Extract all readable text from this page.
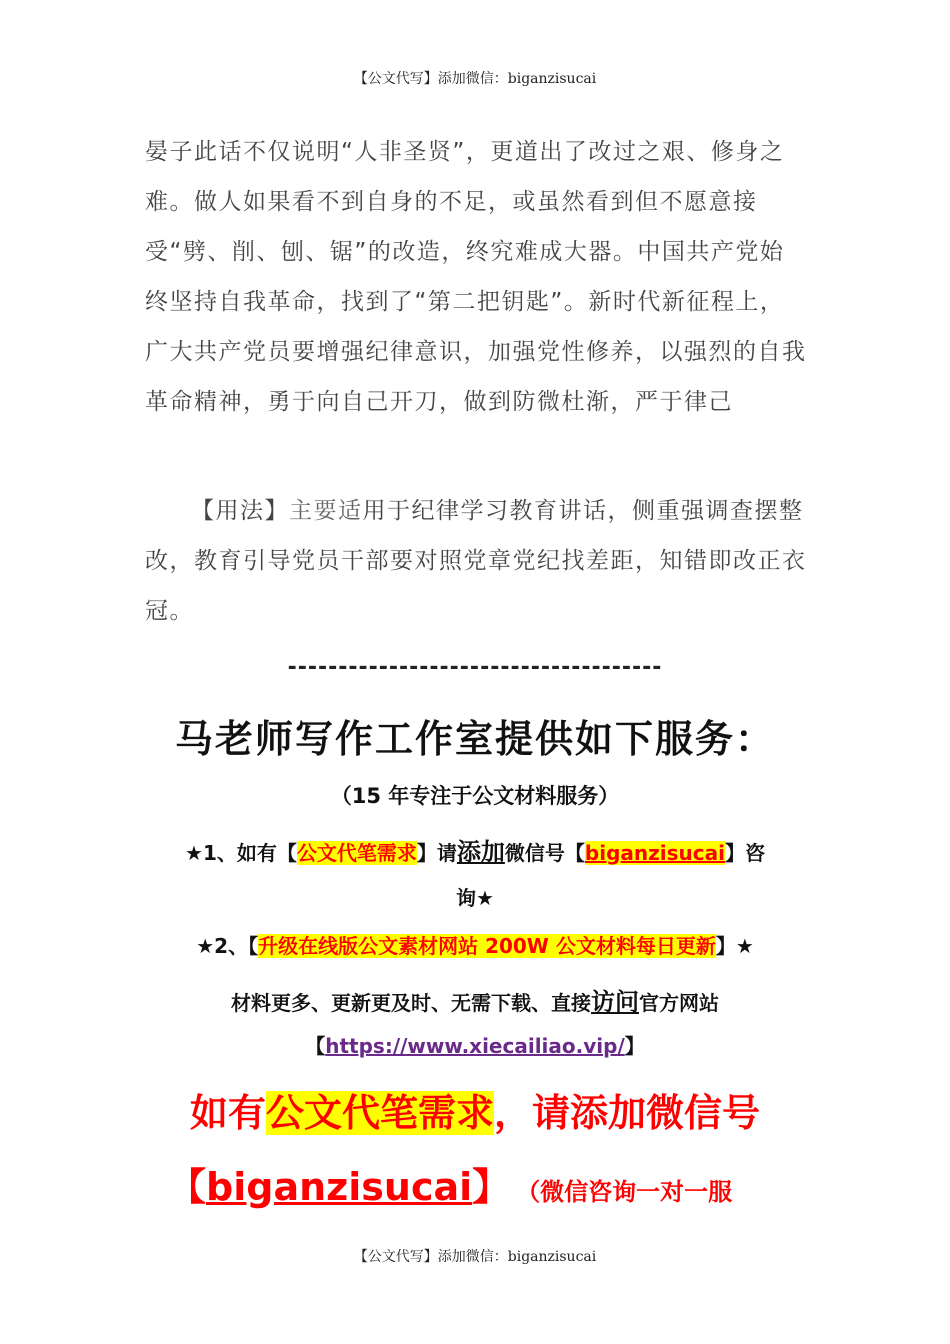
【公文代写】添加微信：biganzisucai
晏子此话不仅说明“人非圣贤”，更道出了改过之艰、修身之难。做人如果看不到自身的不足，或虽然看到但不愿意接受“劈、削、刨、锯”的改造，终究难成大器。中国共产党始终坚持自我革命，找到了“第二把钥匙”。新时代新征程上，广大共产党员要增强纪律意识，加强党性修养，以强烈的自我革命精神，勇于向自己开刀，做到防微杜渐，严于律己
【用法】主要适用于纪律学习教育讲话，侧重强调查摆整改，教育引导党员干部要对照党章党纪找差距，知错即改正衣冠。
-------------------------------------
马老师写作工作室提供如下服务：
（15 年专注于公文材料服务）
★1、如有【公文代笔需求】请添加微信号【biganzisucai】咨
询★
★2、【升级在线版公文素材网站 200W 公文材料每日更新】★
材料更多、更新更及时、无需下载、直接访问官方网站
【https://www.xiecailiao.vip/】
如有公文代笔需求，请添加微信号
【biganzisucai】 （微信咨询一对一服
【公文代写】添加微信：biganzisucai
